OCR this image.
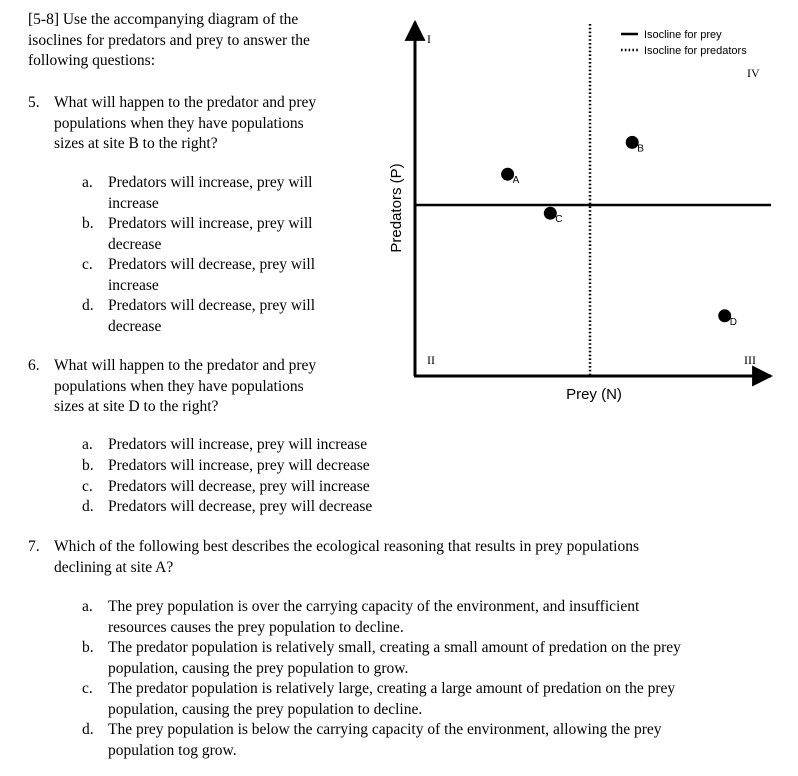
[5-8] Use the accompanying diagram of the
isoclines for predators and prey to answer the
following questions:
5. What will happen to the predator and prey
populations when they have populations
sizes at site B to the right?
a. Predators will increase, prey will
increase
b. Predators will increase, prey will
decrease
c. Predators will decrease, prey will
increase
d. Predators will decrease, prey will
decrease
6. What will happen to the predator and prey
populations when they have populations
sizes at site D to the right?
a. Predators will increase, prey will increase
b. Predators will increase, prey will decrease
c. Predators will decrease, prey will increase
d. Predators will decrease, prey will decrease
7. Which of the following best describes the ecological reasoning that results in prey populations
declining at site A?
a. The prey population is over the carrying capacity of the environment, and insufficient
resources causes the prey population to decline.
b. The predator population is relatively small, creating a small amount of predation on the prey
population, causing the prey population to grow.
c. The predator population is relatively large, creating a large amount of predation on the prey
population, causing the prey population to decline.
d. The prey population is below the carrying capacity of the environment, allowing the prey
population tog grow.
Isocline for prey
Isocline for predators
I
II	III
IV
Prey (N)
Predators (P)	A
B
C
D
